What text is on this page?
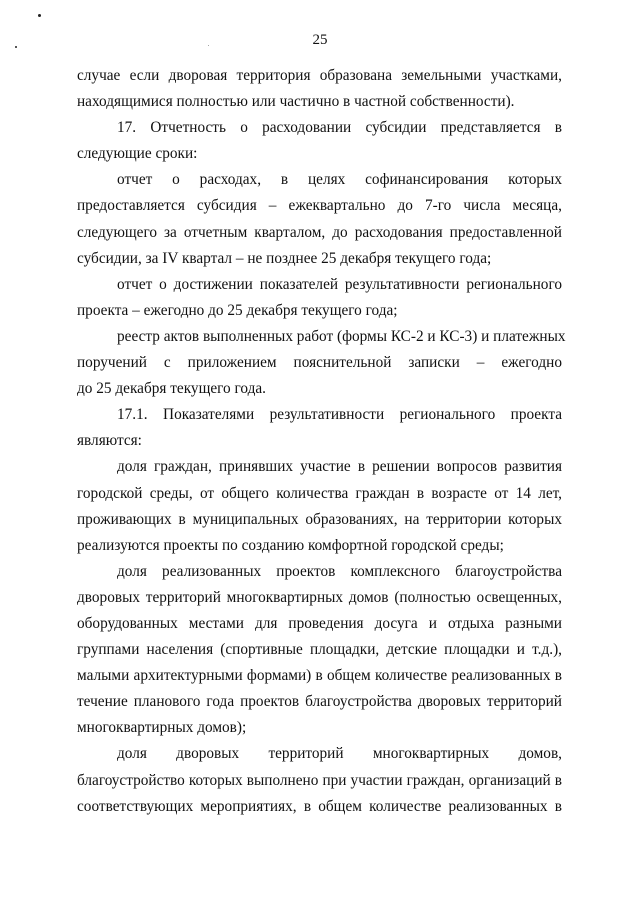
25
случае если дворовая территория образована земельными участками,
находящимися полностью или частично в частной собственности).
17. Отчетность о расходовании субсидии представляется в
следующие сроки:
отчет о расходах, в целях софинансирования которых
предоставляется субсидия – ежеквартально до 7-го числа месяца,
следующего за отчетным кварталом, до расходования предоставленной
субсидии, за IV квартал – не позднее 25 декабря текущего года;
отчет о достижении показателей результативности регионального
проекта – ежегодно до 25 декабря текущего года;
реестр актов выполненных работ (формы КС-2 и КС-3) и платежных
поручений с приложением пояснительной записки – ежегодно
до 25 декабря текущего года.
17.1. Показателями результативности регионального проекта
являются:
доля граждан, принявших участие в решении вопросов развития
городской среды, от общего количества граждан в возрасте от 14 лет,
проживающих в муниципальных образованиях, на территории которых
реализуются проекты по созданию комфортной городской среды;
доля реализованных проектов комплексного благоустройства
дворовых территорий многоквартирных домов (полностью освещенных,
оборудованных местами для проведения досуга и отдыха разными
группами населения (спортивные площадки, детские площадки и т.д.),
малыми архитектурными формами) в общем количестве реализованных в
течение планового года проектов благоустройства дворовых территорий
многоквартирных домов);
доля дворовых территорий многоквартирных домов,
благоустройство которых выполнено при участии граждан, организаций в
соответствующих мероприятиях, в общем количестве реализованных в
